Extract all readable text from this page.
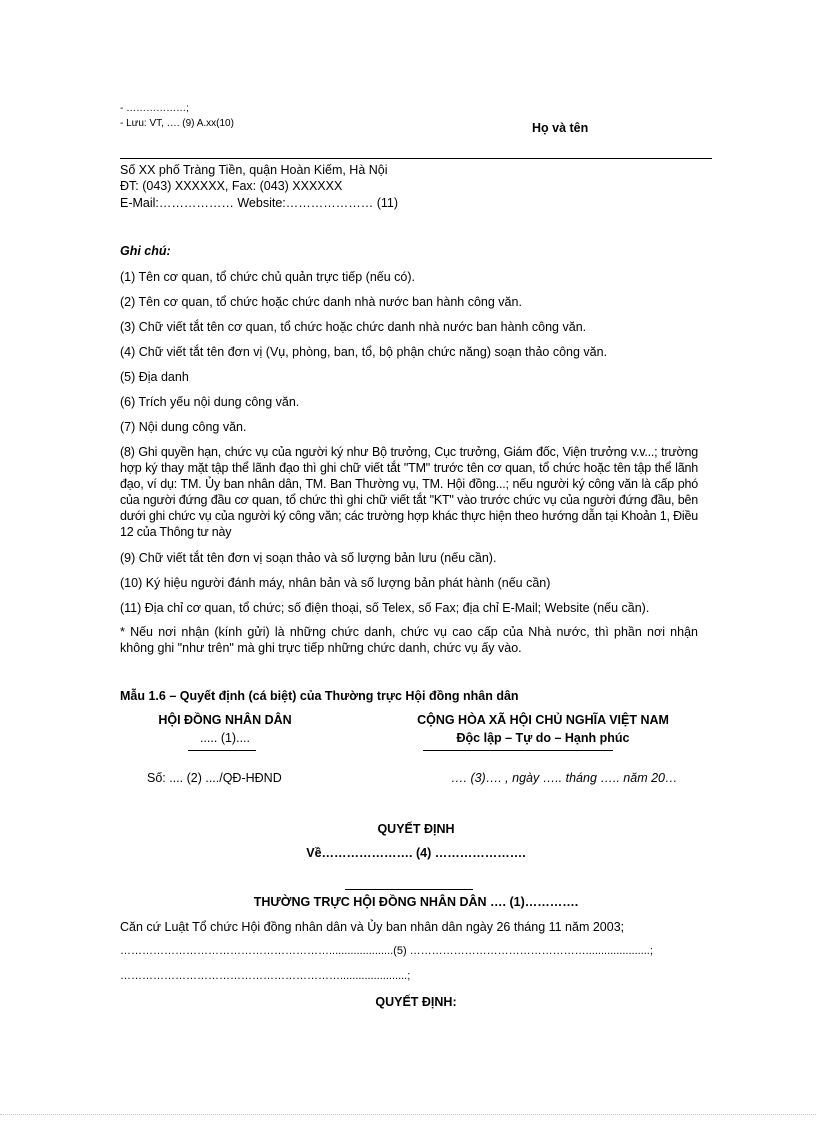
- ………………;
- Lưu: VT, …. (9) A.xx(10)	Họ và tên
Số XX phố Tràng Tiền, quận Hoàn Kiếm, Hà Nội
ĐT: (043) XXXXXX, Fax: (043) XXXXXX
E-Mail:……………… Website:………………… (11)
Ghi chú:
(1) Tên cơ quan, tổ chức chủ quản trực tiếp (nếu có).
(2) Tên cơ quan, tổ chức hoặc chức danh nhà nước ban hành công văn.
(3) Chữ viết tắt tên cơ quan, tổ chức hoặc chức danh nhà nước ban hành công văn.
(4) Chữ viết tắt tên đơn vị (Vụ, phòng, ban, tổ, bộ phận chức năng) soạn thảo công văn.
(5) Địa danh
(6) Trích yếu nội dung công văn.
(7) Nội dung công văn.
(8) Ghi quyền hạn, chức vụ của người ký như Bộ trưởng, Cục trưởng, Giám đốc, Viện trưởng v.v...; trường hợp ký thay mặt tập thể lãnh đạo thì ghi chữ viết tắt "TM" trước tên cơ quan, tổ chức hoặc tên tập thể lãnh đạo, ví dụ: TM. Ủy ban nhân dân, TM. Ban Thường vụ, TM. Hội đồng...; nếu người ký công văn là cấp phó của người đứng đầu cơ quan, tổ chức thì ghi chữ viết tắt "KT" vào trước chức vụ của người đứng đầu, bên dưới ghi chức vụ của người ký công văn; các trường hợp khác thực hiện theo hướng dẫn tại Khoản 1, Điều 12 của Thông tư này
(9) Chữ viết tắt tên đơn vị soạn thảo và số lượng bản lưu (nếu cần).
(10) Ký hiệu người đánh máy, nhân bản và số lượng bản phát hành (nếu cần)
(11) Địa chỉ cơ quan, tổ chức; số điện thoại, số Telex, số Fax; địa chỉ E-Mail; Website (nếu cần).
* Nếu nơi nhận (kính gửi) là những chức danh, chức vụ cao cấp của Nhà nước, thì phần nơi nhận không ghi "như trên" mà ghi trực tiếp những chức danh, chức vụ ấy vào.
Mẫu 1.6 – Quyết định (cá biệt) của Thường trực Hội đồng nhân dân
HỘI ĐỒNG NHÂN DÂN
..... (1)....
CỘNG HÒA XÃ HỘI CHỦ NGHĨA VIỆT NAM
Độc lập – Tự do – Hạnh phúc
Số: .... (2) ..../QĐ-HĐND	…. (3)…. , ngày ….. tháng ….. năm 20…
QUYẾT ĐỊNH
Về…………………. (4) ………………….
THƯỜNG TRỰC HỘI ĐỒNG NHÂN DÂN …. (1)………….
Căn cứ Luật Tổ chức Hội đồng nhân dân và Ủy ban nhân dân ngày 26 tháng 11 năm 2003;
………………………………………………….....................(5) ………………………………………….....................;
……………………………………………………......................;
QUYẾT ĐỊNH:
